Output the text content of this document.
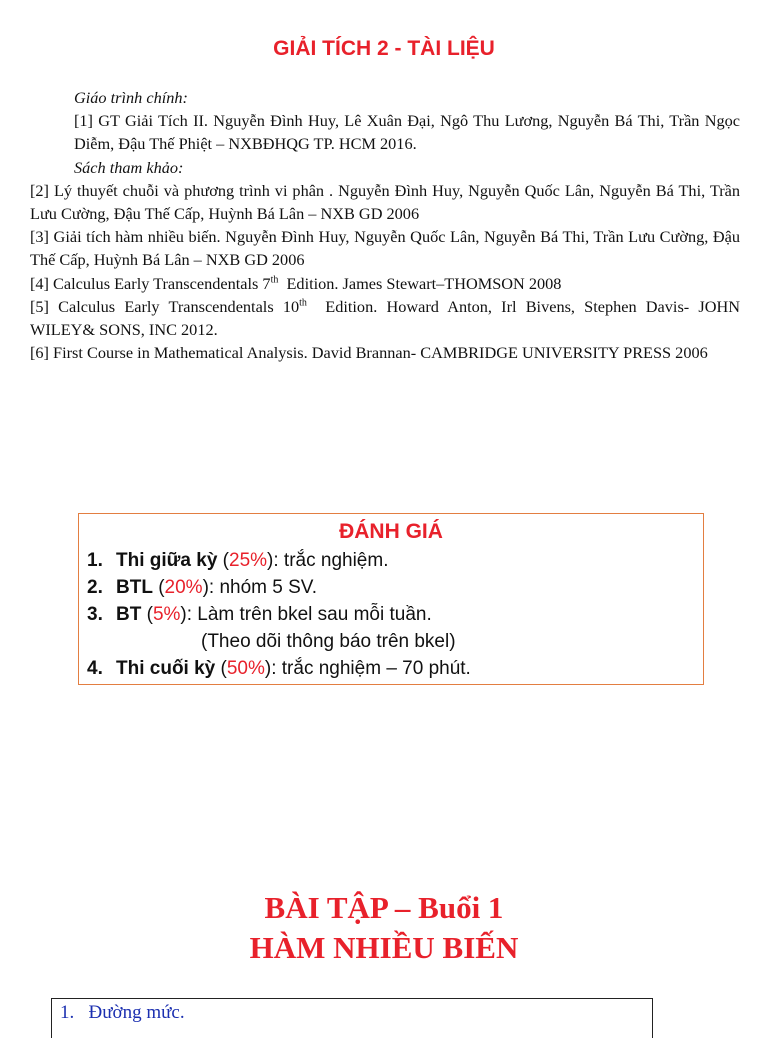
GIẢI TÍCH 2 - TÀI LIỆU
Giáo trình chính:
[1] GT Giải Tích II. Nguyễn Đình Huy, Lê Xuân Đại, Ngô Thu Lương, Nguyễn Bá Thi, Trần Ngọc Diễm, Đậu Thế Phiệt – NXBĐHQG TP. HCM 2016.
Sách tham khảo:
[2] Lý thuyết chuỗi và phương trình vi phân . Nguyễn Đình Huy, Nguyễn Quốc Lân, Nguyễn Bá Thi, Trần Lưu Cường, Đậu Thế Cấp, Huỳnh Bá Lân – NXB GD 2006
[3] Giải tích hàm nhiều biến. Nguyễn Đình Huy, Nguyễn Quốc Lân, Nguyễn Bá Thi, Trần Lưu Cường, Đậu Thế Cấp, Huỳnh Bá Lân – NXB GD 2006
[4] Calculus Early Transcendentals 7th  Edition. James Stewart–THOMSON 2008
[5] Calculus Early Transcendentals 10th  Edition. Howard Anton, Irl Bivens, Stephen Davis- JOHN WILEY& SONS, INC 2012.
[6] First Course in Mathematical Analysis. David Brannan- CAMBRIDGE UNIVERSITY PRESS 2006
ĐÁNH GIÁ
1. Thi giữa kỳ (25%): trắc nghiệm.
2. BTL (20%): nhóm 5 SV.
3. BT (5%): Làm trên bkel sau mỗi tuần.
(Theo dõi thông báo trên bkel)
4. Thi cuối kỳ (50%): trắc nghiệm – 70 phút.
BÀI TẬP – Buổi 1
HÀM NHIỀU BIẾN
1.   Đường mức.
